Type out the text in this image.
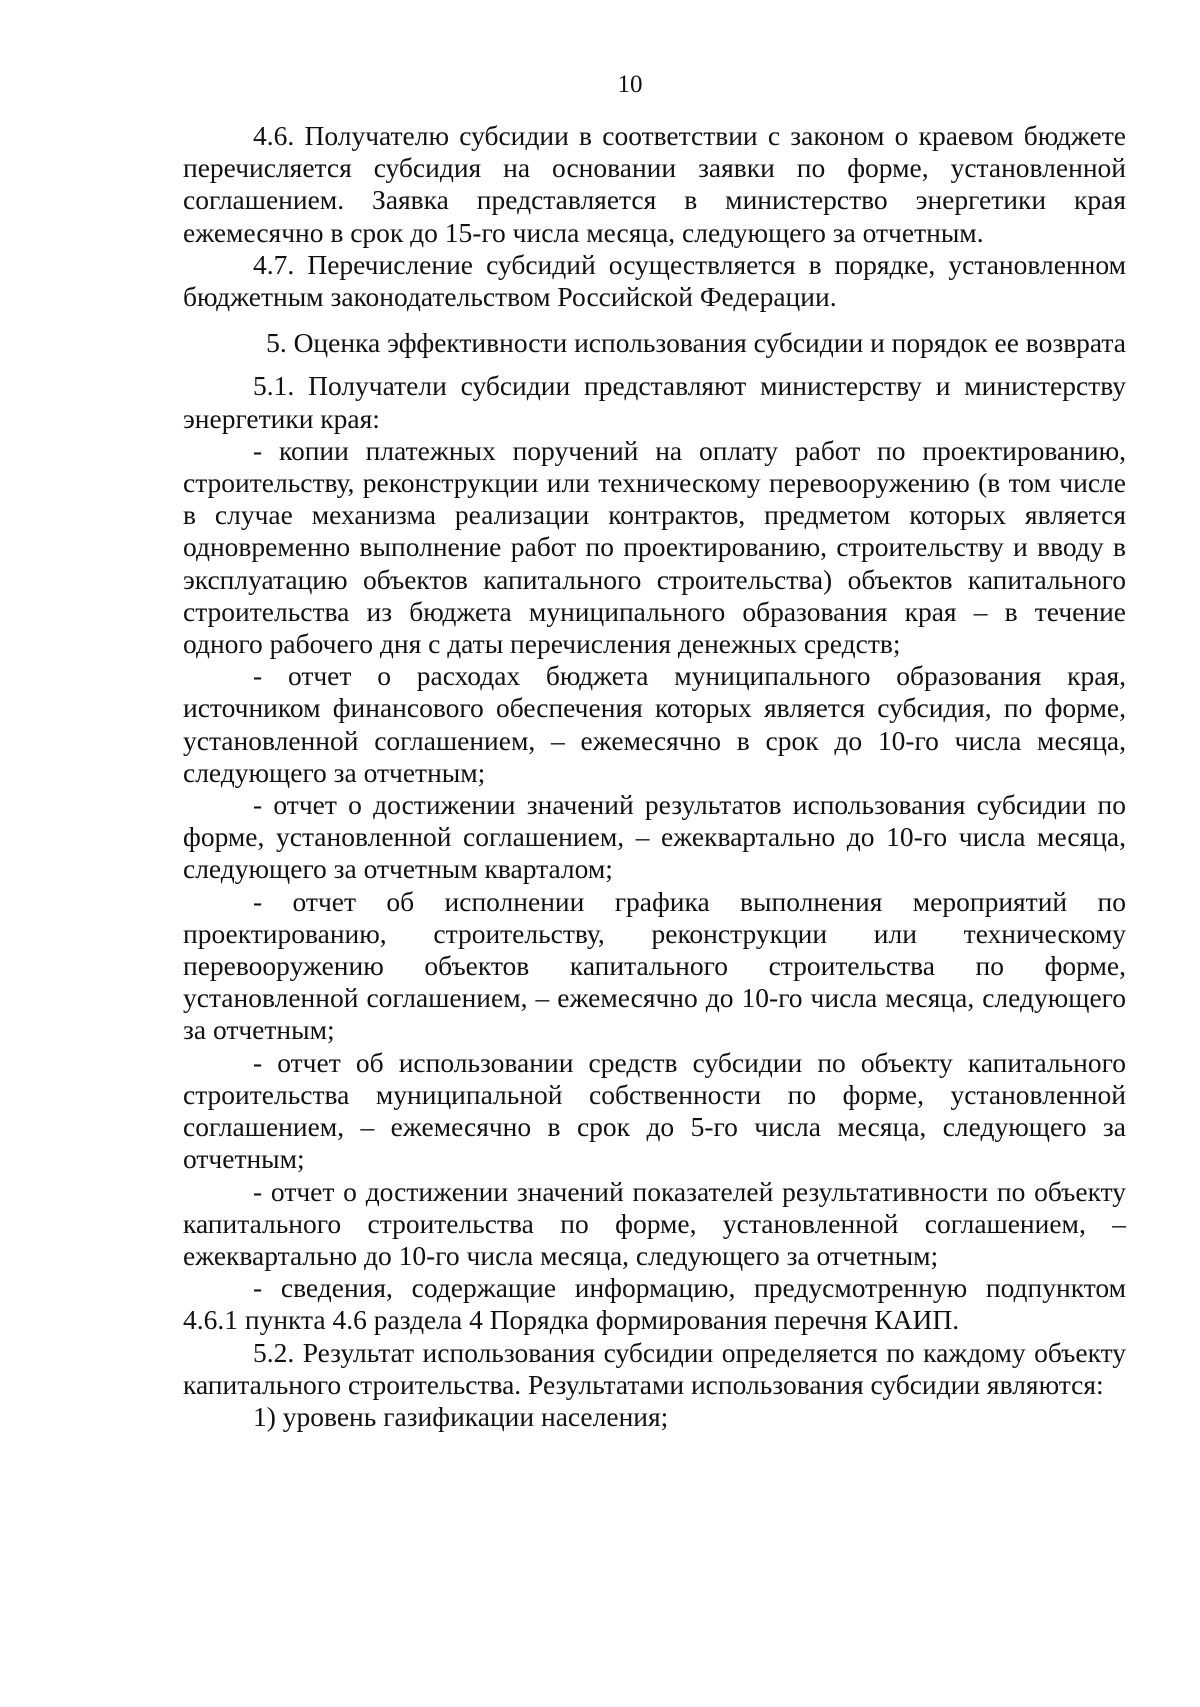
10

4.6. Получателю субсидии в соответствии с законом о краевом бюджете перечисляется субсидия на основании заявки по форме, установленной соглашением. Заявка представляется в министерство энергетики края ежемесячно в срок до 15-го числа месяца, следующего за отчетным.

4.7. Перечисление субсидий осуществляется в порядке, установленном бюджетным законодательством Российской Федерации.

5. Оценка эффективности использования субсидии и порядок ее возврата

5.1. Получатели субсидии представляют министерству и министерству энергетики края:

- копии платежных поручений на оплату работ по проектированию, строительству, реконструкции или техническому перевооружению (в том числе в случае механизма реализации контрактов, предметом которых является одновременно выполнение работ по проектированию, строительству и вводу в эксплуатацию объектов капитального строительства) объектов капитального строительства из бюджета муниципального образования края – в течение одного рабочего дня с даты перечисления денежных средств;

- отчет о расходах бюджета муниципального образования края, источником финансового обеспечения которых является субсидия, по форме, установленной соглашением, – ежемесячно в срок до 10-го числа месяца, следующего за отчетным;

- отчет о достижении значений результатов использования субсидии по форме, установленной соглашением, – ежеквартально до 10-го числа месяца, следующего за отчетным кварталом;

- отчет об исполнении графика выполнения мероприятий по проектированию, строительству, реконструкции или техническому перевооружению объектов капитального строительства по форме, установленной соглашением, – ежемесячно до 10-го числа месяца, следующего за отчетным;

- отчет об использовании средств субсидии по объекту капитального строительства муниципальной собственности по форме, установленной соглашением, – ежемесячно в срок до 5-го числа месяца, следующего за отчетным;

- отчет о достижении значений показателей результативности по объекту капитального строительства по форме, установленной соглашением, – ежеквартально до 10-го числа месяца, следующего за отчетным;

- сведения, содержащие информацию, предусмотренную подпунктом 4.6.1 пункта 4.6 раздела 4 Порядка формирования перечня КАИП.

5.2. Результат использования субсидии определяется по каждому объекту капитального строительства. Результатами использования субсидии являются:

1) уровень газификации населения;
